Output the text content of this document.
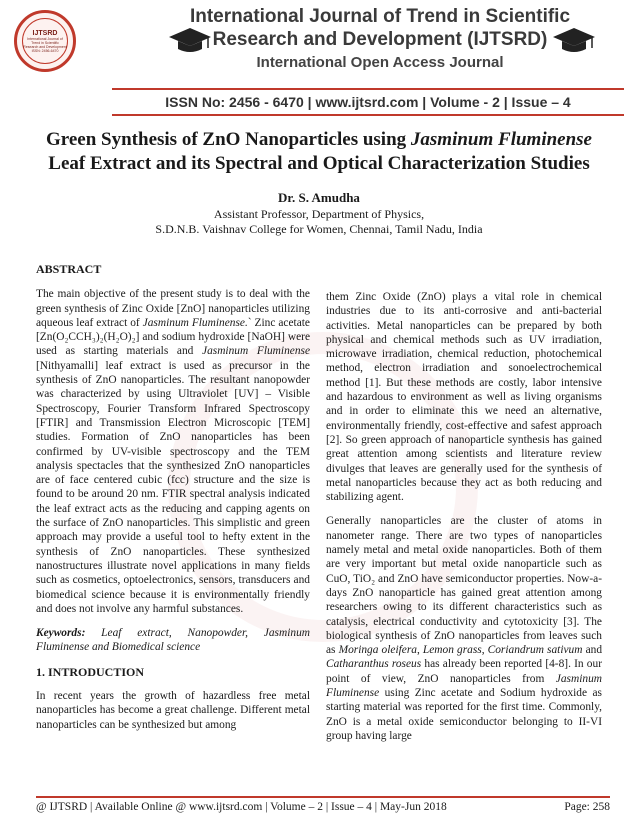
IJTSRD
International Journal of Trend in Scientific
Research and Development
ISSN: 2456-6470
International Journal of Trend in Scientific
Research and Development (IJTSRD)
International Open Access Journal
ISSN No: 2456 - 6470 | www.ijtsrd.com | Volume - 2 | Issue – 4
Green Synthesis of ZnO Nanoparticles using Jasminum Fluminense
Leaf Extract and its Spectral and Optical Characterization Studies
Dr. S. Amudha
Assistant Professor, Department of Physics,
S.D.N.B. Vaishnav College for Women, Chennai, Tamil Nadu, India
ABSTRACT

The main objective of the present study is to deal with the green synthesis of Zinc Oxide [ZnO] nanoparticles utilizing aqueous leaf extract of Jasminum Fluminense.` Zinc acetate [Zn(O₂CCH₃)₂(H₂O)₂] and sodium hydroxide [NaOH] were used as starting materials and Jasminum Fluminense [Nithyamalli] leaf extract is used as precursor in the synthesis of ZnO nanoparticles. The resultant nanopowder was characterized by using Ultraviolet [UV] – Visible Spectroscopy, Fourier Transform Infrared Spectroscopy [FTIR] and Transmission Electron Microscopic [TEM] studies. Formation of ZnO nanoparticles has been confirmed by UV-visible spectroscopy and the TEM analysis spectacles that the synthesized ZnO nanoparticles are of face centered cubic (fcc) structure and the size is found to be around 20 nm. FTIR spectral analysis indicated the leaf extract acts as the reducing and capping agents on the surface of ZnO nanoparticles. This simplistic and green approach may provide a useful tool to hefty extent in the synthesis of ZnO nanoparticles. These synthesized nanostructures illustrate novel applications in many fields such as cosmetics, optoelectronics, sensors, transducers and biomedical science because it is environmentally friendly and does not involve any harmful substances.

Keywords: Leaf extract, Nanopowder, Jasminum Fluminense and Biomedical science

1. INTRODUCTION

In recent years the growth of hazardless free metal nanoparticles has become a great challenge. Different metal nanoparticles can be synthesized but among

them Zinc Oxide (ZnO) plays a vital role in chemical industries due to its anti-corrosive and anti-bacterial activities. Metal nanoparticles can be prepared by both physical and chemical methods such as UV irradiation, microwave irradiation, chemical reduction, photochemical method, electron irradiation and sonoelectrochemical method [1]. But these methods are costly, labor intensive and hazardous to environment as well as living organisms and in order to eliminate this we need an alternative, environmentally friendly, cost-effective and safest approach [2]. So green approach of nanoparticle synthesis has gained great attention among scientists and literature review divulges that leaves are generally used for the synthesis of metal nanoparticles because they act as both reducing and stabilizing agent.

Generally nanoparticles are the cluster of atoms in nanometer range. There are two types of nanoparticles namely metal and metal oxide nanoparticles. Both of them are very important but metal oxide nanoparticle such as CuO, TiO₂ and ZnO have semiconductor properties. Now-a-days ZnO nanoparticle has gained great attention among researchers owing to its different characteristics such as catalysis, electrical conductivity and cytotoxicity [3]. The biological synthesis of ZnO nanoparticles from leaves such as Moringa oleifera, Lemon grass, Coriandrum sativum and Catharanthus roseus has already been reported [4-8]. In our point of view, ZnO nanoparticles from Jasminum Fluminense using Zinc acetate and Sodium hydroxide as starting material was reported for the first time. Commonly, ZnO is a metal oxide semiconductor belonging to II-VI group having large

@ IJTSRD | Available Online @ www.ijtsrd.com | Volume – 2 | Issue – 4 | May-Jun 2018	Page: 258
